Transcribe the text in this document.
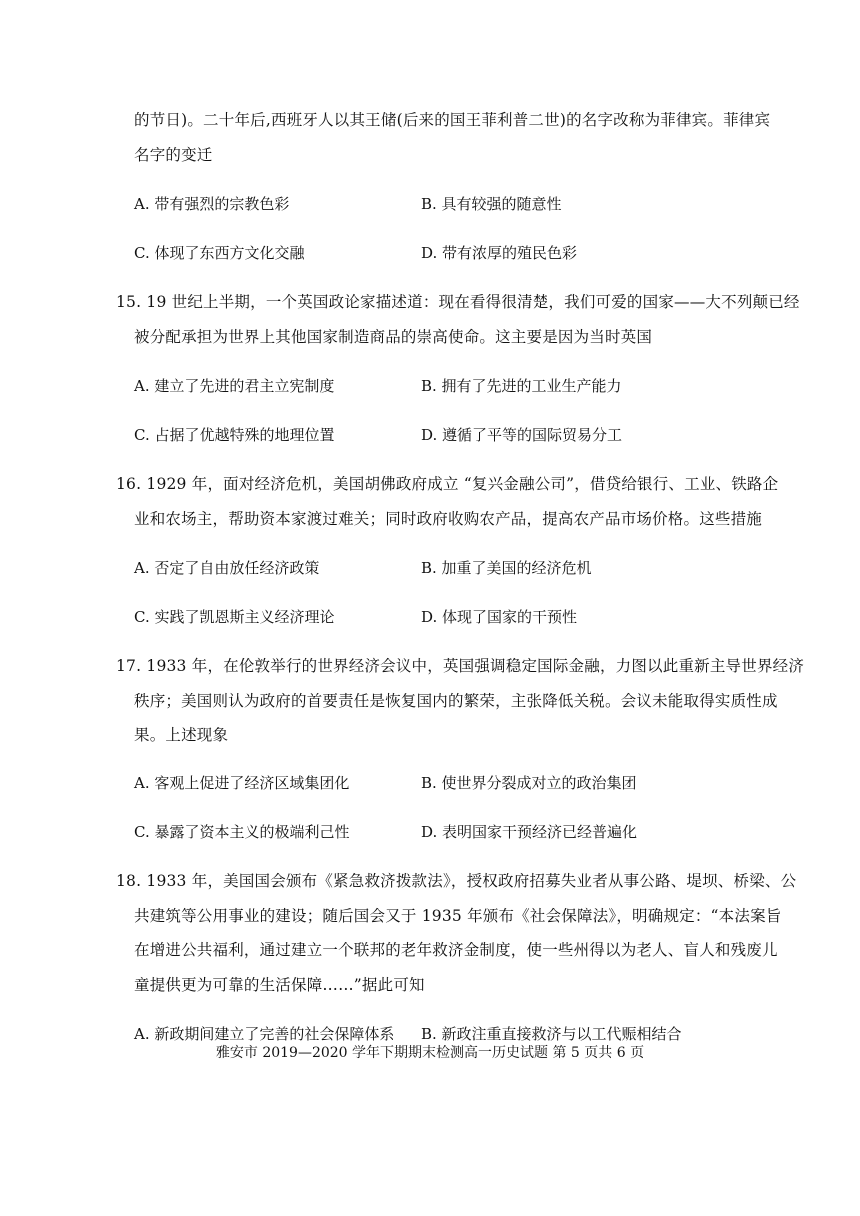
的节日)。二十年后,西班牙人以其王储(后来的国王菲利普二世)的名字改称为菲律宾。菲律宾
名字的变迁
A. 带有强烈的宗教色彩	B. 具有较强的随意性
C. 体现了东西方文化交融	D. 带有浓厚的殖民色彩
15. 19 世纪上半期，一个英国政论家描述道：现在看得很清楚，我们可爱的国家——大不列颠已经
被分配承担为世界上其他国家制造商品的崇高使命。这主要是因为当时英国
A. 建立了先进的君主立宪制度	B. 拥有了先进的工业生产能力
C. 占据了优越特殊的地理位置	D. 遵循了平等的国际贸易分工
16. 1929 年，面对经济危机，美国胡佛政府成立 “复兴金融公司”，借贷给银行、工业、铁路企
业和农场主，帮助资本家渡过难关；同时政府收购农产品，提高农产品市场价格。这些措施
A. 否定了自由放任经济政策	B. 加重了美国的经济危机
C. 实践了凯恩斯主义经济理论	D. 体现了国家的干预性
17. 1933 年，在伦敦举行的世界经济会议中，英国强调稳定国际金融，力图以此重新主导世界经济
秩序；美国则认为政府的首要责任是恢复国内的繁荣，主张降低关税。会议未能取得实质性成
果。上述现象
A. 客观上促进了经济区域集团化	B. 使世界分裂成对立的政治集团
C. 暴露了资本主义的极端利己性	D. 表明国家干预经济已经普遍化
18. 1933 年，美国国会颁布《紧急救济拨款法》，授权政府招募失业者从事公路、堤坝、桥梁、公
共建筑等公用事业的建设；随后国会又于 1935 年颁布《社会保障法》，明确规定：“本法案旨
在增进公共福利，通过建立一个联邦的老年救济金制度，使一些州得以为老人、盲人和残废儿
童提供更为可靠的生活保障……”据此可知
A. 新政期间建立了完善的社会保障体系 B. 新政注重直接救济与以工代赈相结合
雅安市 2019—2020 学年下期期末检测高一历史试题 第 5 页共 6 页
